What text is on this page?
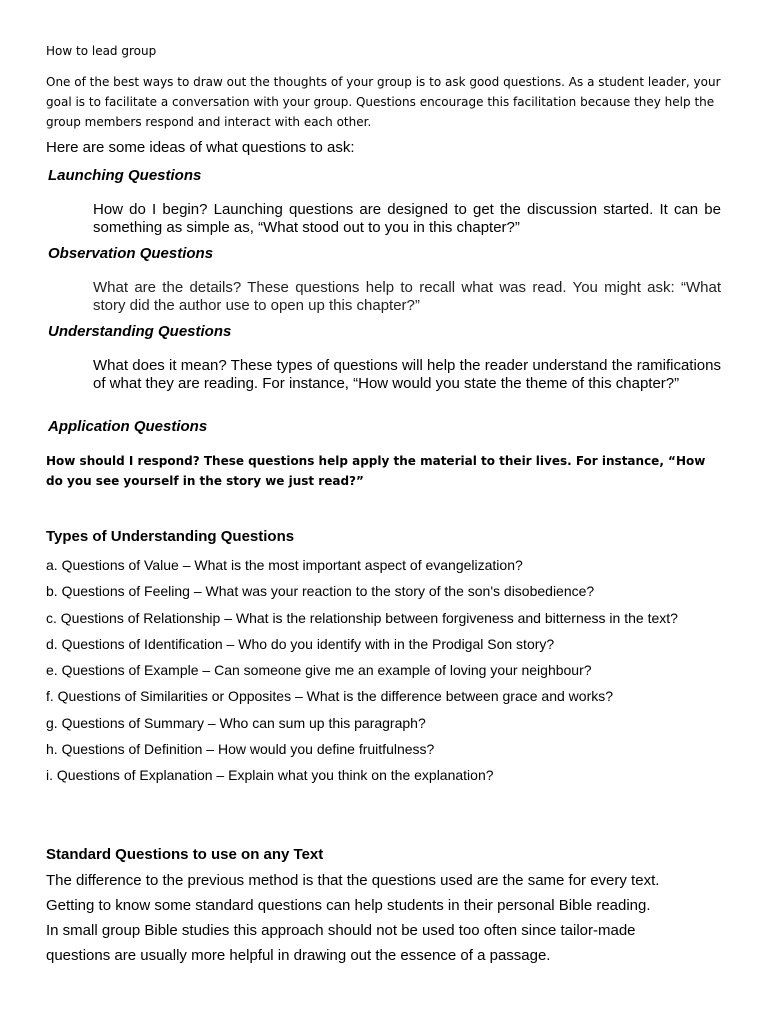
How to lead group

One of the best ways to draw out the thoughts of your group is to ask good questions. As a student leader, your goal is to facilitate a conversation with your group. Questions encourage this facilitation because they help the group members respond and interact with each other.

Here are some ideas of what questions to ask:

Launching Questions

How do I begin? Launching questions are designed to get the discussion started. It can be something as simple as, “What stood out to you in this chapter?”

Observation Questions

What are the details? These questions help to recall what was read. You might ask: “What story did the author use to open up this chapter?”

Understanding Questions

What does it mean? These types of questions will help the reader understand the ramifications of what they are reading. For instance, “How would you state the theme of this chapter?”

Application Questions

How should I respond? These questions help apply the material to their lives. For instance, “How do you see yourself in the story we just read?”

Types of Understanding Questions

a. Questions of Value – What is the most important aspect of evangelization?
b. Questions of Feeling – What was your reaction to the story of the son's disobedience?
c. Questions of Relationship – What is the relationship between forgiveness and bitterness in the text?
d. Questions of Identification – Who do you identify with in the Prodigal Son story?
e. Questions of Example – Can someone give me an example of loving your neighbour?
f. Questions of Similarities or Opposites – What is the difference between grace and works?
g. Questions of Summary – Who can sum up this paragraph?
h. Questions of Definition – How would you define fruitfulness?
i. Questions of Explanation – Explain what you think on the explanation?

Standard Questions to use on any Text

The difference to the previous method is that the questions used are the same for every text.
Getting to know some standard questions can help students in their personal Bible reading.
In small group Bible studies this approach should not be used too often since tailor-made
questions are usually more helpful in drawing out the essence of a passage.
